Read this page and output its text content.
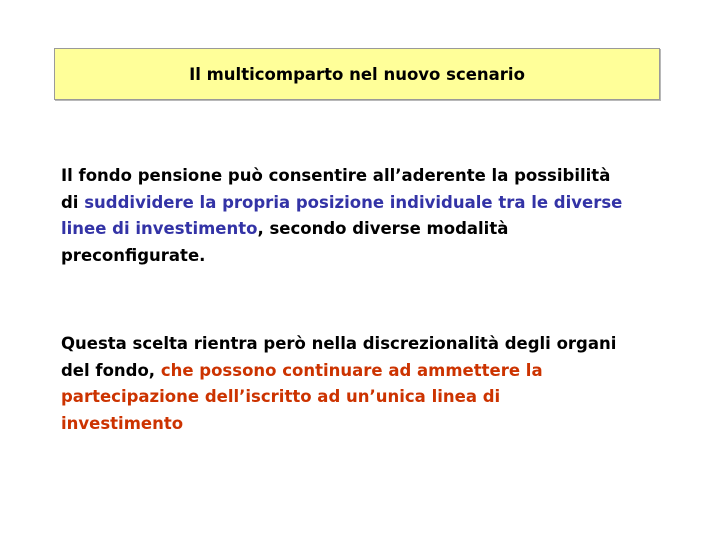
Il multicomparto nel nuovo scenario
Il fondo pensione può consentire all’aderente la possibilità
di suddividere la propria posizione individuale tra le diverse
linee di investimento, secondo diverse modalità
preconfigurate.
Questa scelta rientra però nella discrezionalità degli organi
del fondo, che possono continuare ad ammettere la
partecipazione dell’iscritto ad un’unica linea di
investimento
